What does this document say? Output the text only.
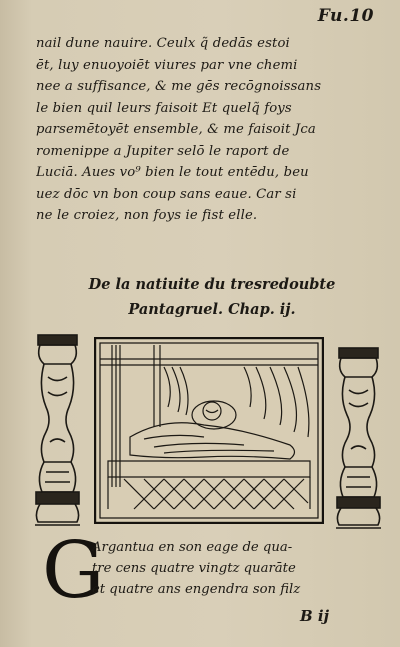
Fu.10
nail dune nauire. Ceulx q̃ dedās estoi
ēt, luy enuoyoiēt viures par vne chemi
nee a suffisance, & me gēs recōgnoissans
le bien quil leurs faisoit Et quelq̃ foys
parsemētoyēt ensemble, & me faisoit Jca
romenippe a Jupiter selō le raport de
Luciā. Aues vo⁹ bien le tout entēdu, beu
uez dōc vn bon coup sans eaue. Car si
ne le croiez, non foys ie fist elle.
De la natiuite du tresredoubte
Pantagruel. Chap. ij.
G
Argantua en son eage de qua-
tre cens quatre vingtz quarāte
et quatre ans engendra son filz
B ij
